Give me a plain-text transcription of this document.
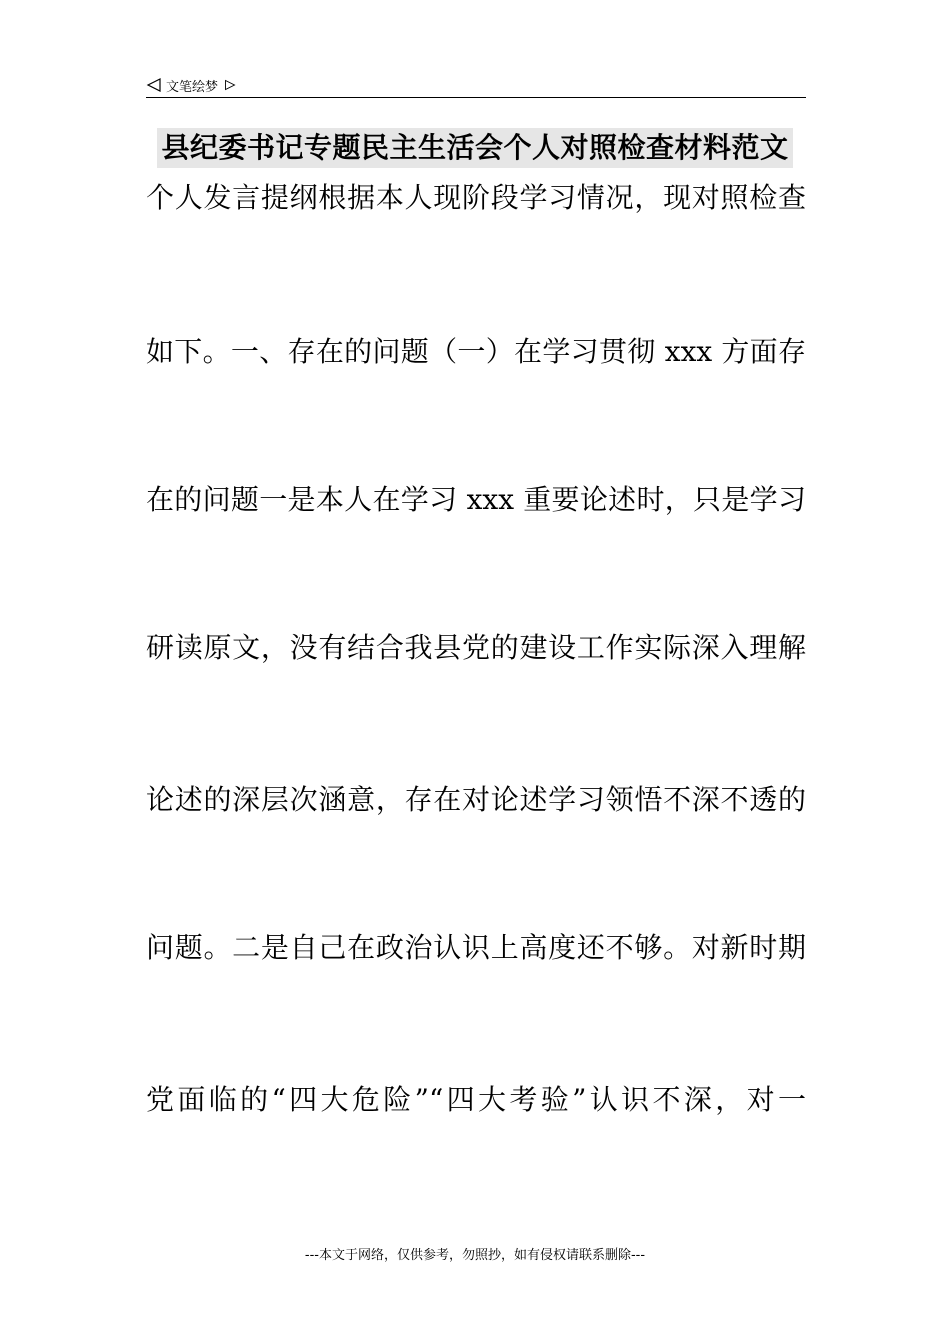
文笔绘梦
县纪委书记专题民主生活会个人对照检查材料范文
个人发言提纲根据本人现阶段学习情况，现对照检查
如下。一、存在的问题（一）在学习贯彻 xxx 方面存
在的问题一是本人在学习 xxx 重要论述时，只是学习
研读原文，没有结合我县党的建设工作实际深入理解
论述的深层次涵意，存在对论述学习领悟不深不透的
问题。二是自己在政治认识上高度还不够。对新时期
党面临的“四大危险”“四大考验”认识不深，对一
---本文于网络，仅供参考，勿照抄，如有侵权请联系删除---
